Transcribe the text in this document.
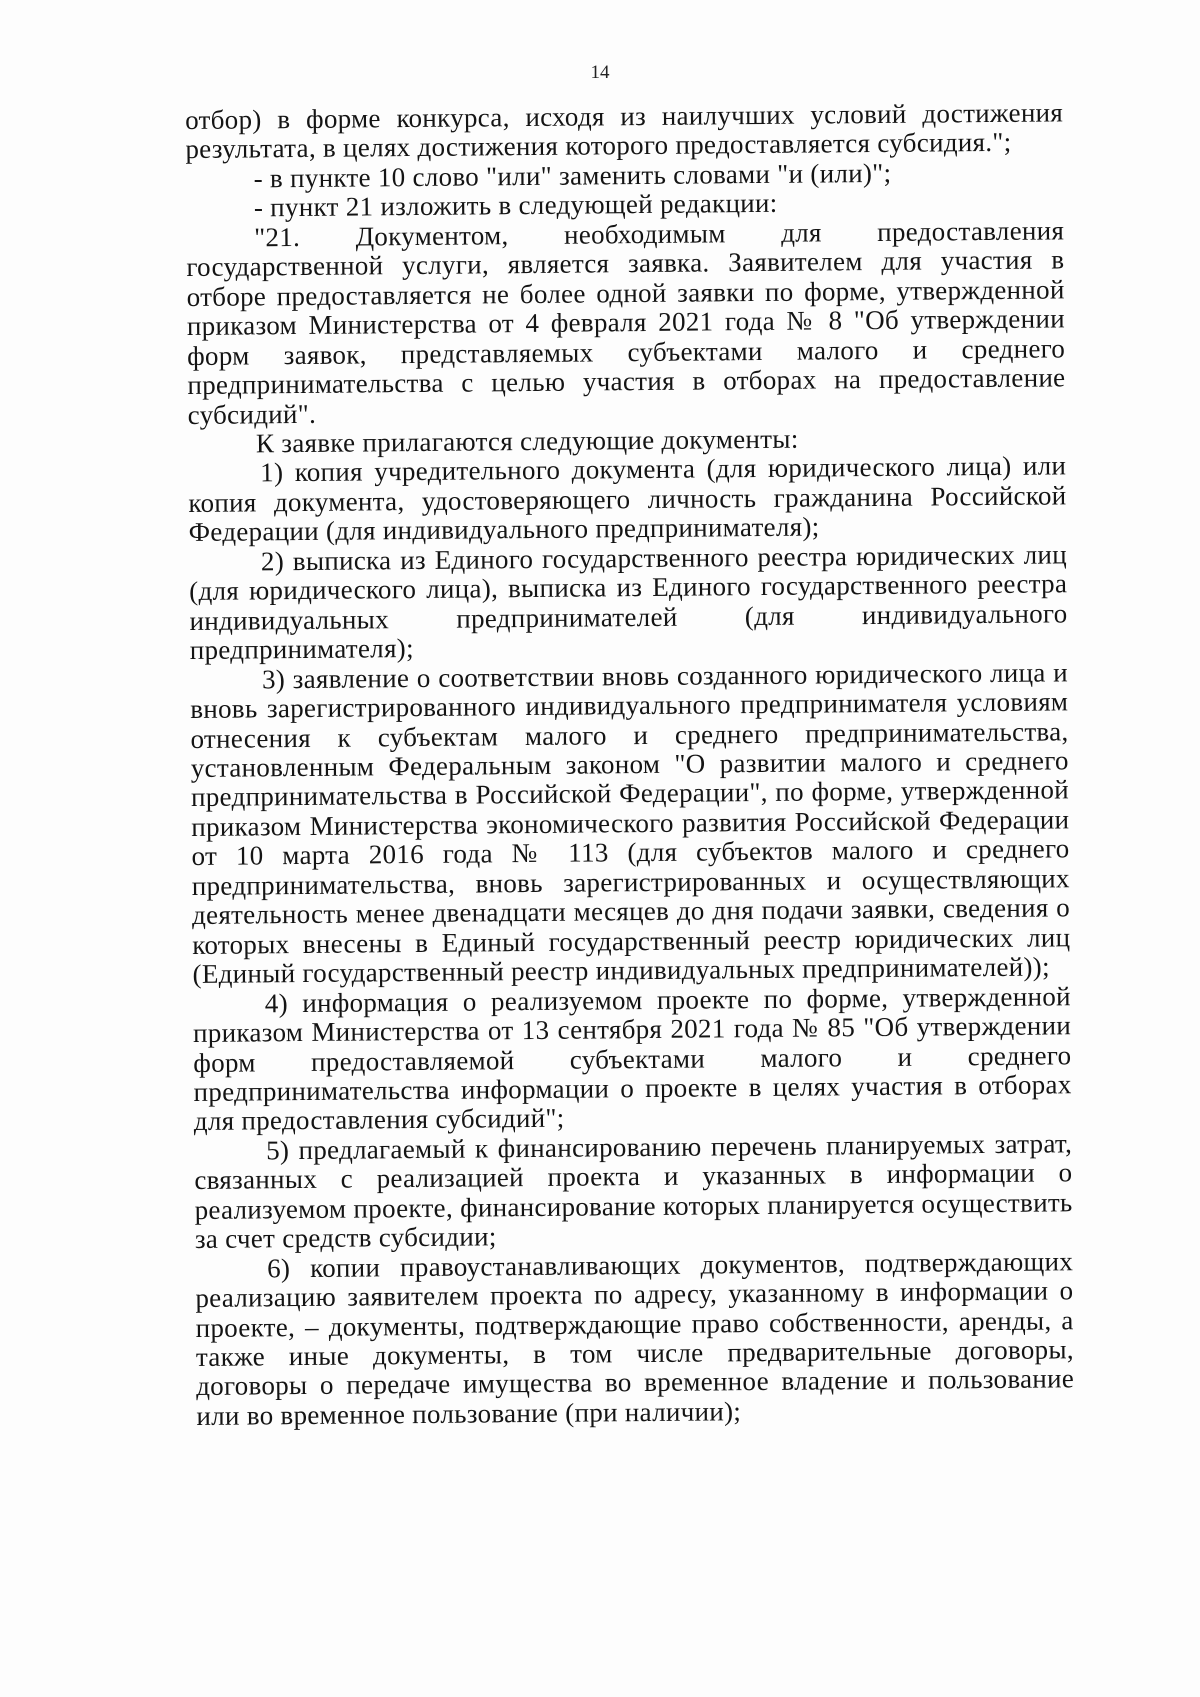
14

отбор) в форме конкурса, исходя из наилучших условий достижения результата, в целях достижения которого предоставляется субсидия.";

- в пункте 10 слово "или" заменить словами "и (или)";

- пункт 21 изложить в следующей редакции:

"21. Документом, необходимым для предоставления государственной услуги, является заявка. Заявителем для участия в отборе предоставляется не более одной заявки по форме, утвержденной приказом Министерства от 4 февраля 2021 года № 8 "Об утверждении форм заявок, представляемых субъектами малого и среднего предпринимательства с целью участия в отборах на предоставление субсидий".

К заявке прилагаются следующие документы:

1) копия учредительного документа (для юридического лица) или копия документа, удостоверяющего личность гражданина Российской Федерации (для индивидуального предпринимателя);

2) выписка из Единого государственного реестра юридических лиц (для юридического лица), выписка из Единого государственного реестра индивидуальных предпринимателей (для индивидуального предпринимателя);

3) заявление о соответствии вновь созданного юридического лица и вновь зарегистрированного индивидуального предпринимателя условиям отнесения к субъектам малого и среднего предпринимательства, установленным Федеральным законом "О развитии малого и среднего предпринимательства в Российской Федерации", по форме, утвержденной приказом Министерства экономического развития Российской Федерации от 10 марта 2016 года № 113 (для субъектов малого и среднего предпринимательства, вновь зарегистрированных и осуществляющих деятельность менее двенадцати месяцев до дня подачи заявки, сведения о которых внесены в Единый государственный реестр юридических лиц (Единый государственный реестр индивидуальных предпринимателей));

4) информация о реализуемом проекте по форме, утвержденной приказом Министерства от 13 сентября 2021 года № 85 "Об утверждении форм предоставляемой субъектами малого и среднего предпринимательства информации о проекте в целях участия в отборах для предоставления субсидий";

5) предлагаемый к финансированию перечень планируемых затрат, связанных с реализацией проекта и указанных в информации о реализуемом проекте, финансирование которых планируется осуществить за счет средств субсидии;

6) копии правоустанавливающих документов, подтверждающих реализацию заявителем проекта по адресу, указанному в информации о проекте, – документы, подтверждающие право собственности, аренды, а также иные документы, в том числе предварительные договоры, договоры о передаче имущества во временное владение и пользование или во временное пользование (при наличии);
